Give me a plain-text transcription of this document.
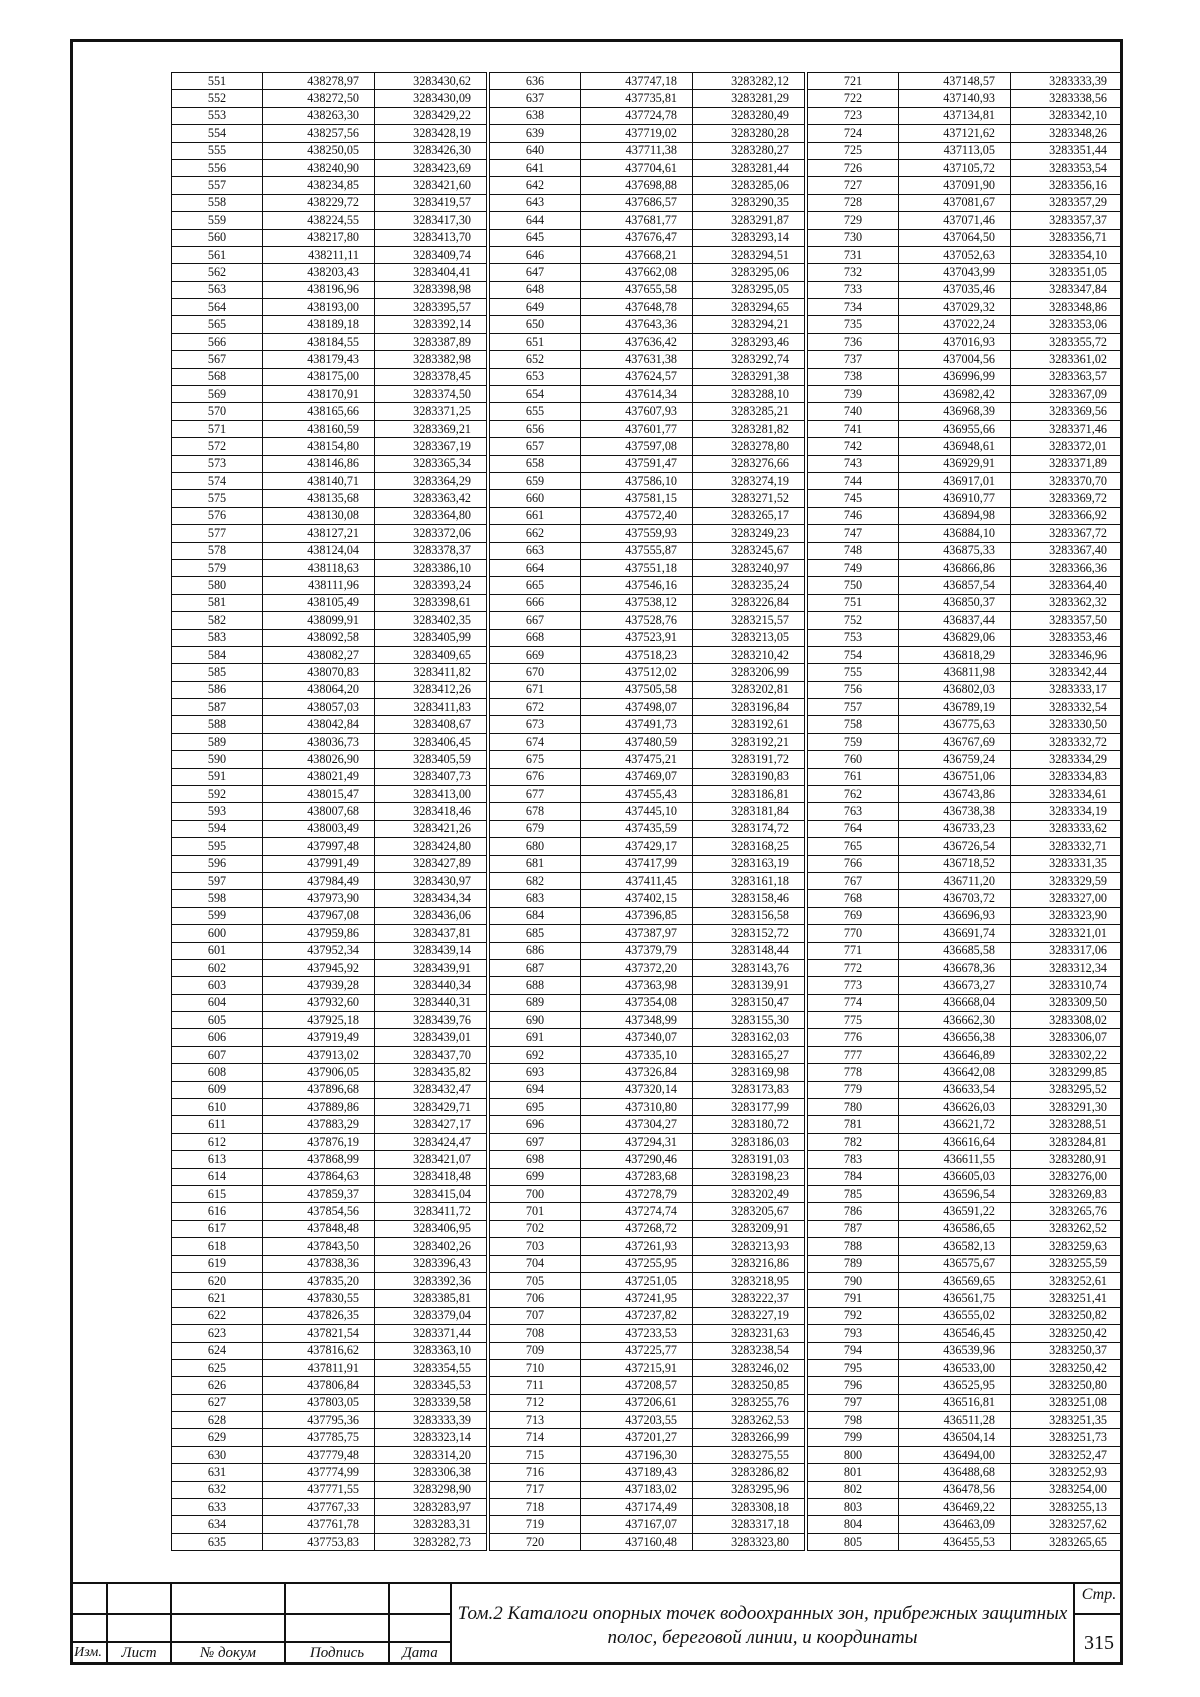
551	438278,97	3283430,62
552	438272,50	3283430,09
553	438263,30	3283429,22
554	438257,56	3283428,19
555	438250,05	3283426,30
556	438240,90	3283423,69
557	438234,85	3283421,60
558	438229,72	3283419,57
559	438224,55	3283417,30
560	438217,80	3283413,70
561	438211,11	3283409,74
562	438203,43	3283404,41
563	438196,96	3283398,98
564	438193,00	3283395,57
565	438189,18	3283392,14
566	438184,55	3283387,89
567	438179,43	3283382,98
568	438175,00	3283378,45
569	438170,91	3283374,50
570	438165,66	3283371,25
571	438160,59	3283369,21
572	438154,80	3283367,19
573	438146,86	3283365,34
574	438140,71	3283364,29
575	438135,68	3283363,42
576	438130,08	3283364,80
577	438127,21	3283372,06
578	438124,04	3283378,37
579	438118,63	3283386,10
580	438111,96	3283393,24
581	438105,49	3283398,61
582	438099,91	3283402,35
583	438092,58	3283405,99
584	438082,27	3283409,65
585	438070,83	3283411,82
586	438064,20	3283412,26
587	438057,03	3283411,83
588	438042,84	3283408,67
589	438036,73	3283406,45
590	438026,90	3283405,59
591	438021,49	3283407,73
592	438015,47	3283413,00
593	438007,68	3283418,46
594	438003,49	3283421,26
595	437997,48	3283424,80
596	437991,49	3283427,89
597	437984,49	3283430,97
598	437973,90	3283434,34
599	437967,08	3283436,06
600	437959,86	3283437,81
601	437952,34	3283439,14
602	437945,92	3283439,91
603	437939,28	3283440,34
604	437932,60	3283440,31
605	437925,18	3283439,76
606	437919,49	3283439,01
607	437913,02	3283437,70
608	437906,05	3283435,82
609	437896,68	3283432,47
610	437889,86	3283429,71
611	437883,29	3283427,17
612	437876,19	3283424,47
613	437868,99	3283421,07
614	437864,63	3283418,48
615	437859,37	3283415,04
616	437854,56	3283411,72
617	437848,48	3283406,95
618	437843,50	3283402,26
619	437838,36	3283396,43
620	437835,20	3283392,36
621	437830,55	3283385,81
622	437826,35	3283379,04
623	437821,54	3283371,44
624	437816,62	3283363,10
625	437811,91	3283354,55
626	437806,84	3283345,53
627	437803,05	3283339,58
628	437795,36	3283333,39
629	437785,75	3283323,14
630	437779,48	3283314,20
631	437774,99	3283306,38
632	437771,55	3283298,90
633	437767,33	3283283,97
634	437761,78	3283283,31
635	437753,83	3283282,73
636	437747,18	3283282,12
637	437735,81	3283281,29
638	437724,78	3283280,49
639	437719,02	3283280,28
640	437711,38	3283280,27
641	437704,61	3283281,44
642	437698,88	3283285,06
643	437686,57	3283290,35
644	437681,77	3283291,87
645	437676,47	3283293,14
646	437668,21	3283294,51
647	437662,08	3283295,06
648	437655,58	3283295,05
649	437648,78	3283294,65
650	437643,36	3283294,21
651	437636,42	3283293,46
652	437631,38	3283292,74
653	437624,57	3283291,38
654	437614,34	3283288,10
655	437607,93	3283285,21
656	437601,77	3283281,82
657	437597,08	3283278,80
658	437591,47	3283276,66
659	437586,10	3283274,19
660	437581,15	3283271,52
661	437572,40	3283265,17
662	437559,93	3283249,23
663	437555,87	3283245,67
664	437551,18	3283240,97
665	437546,16	3283235,24
666	437538,12	3283226,84
667	437528,76	3283215,57
668	437523,91	3283213,05
669	437518,23	3283210,42
670	437512,02	3283206,99
671	437505,58	3283202,81
672	437498,07	3283196,84
673	437491,73	3283192,61
674	437480,59	3283192,21
675	437475,21	3283191,72
676	437469,07	3283190,83
677	437455,43	3283186,81
678	437445,10	3283181,84
679	437435,59	3283174,72
680	437429,17	3283168,25
681	437417,99	3283163,19
682	437411,45	3283161,18
683	437402,15	3283158,46
684	437396,85	3283156,58
685	437387,97	3283152,72
686	437379,79	3283148,44
687	437372,20	3283143,76
688	437363,98	3283139,91
689	437354,08	3283150,47
690	437348,99	3283155,30
691	437340,07	3283162,03
692	437335,10	3283165,27
693	437326,84	3283169,98
694	437320,14	3283173,83
695	437310,80	3283177,99
696	437304,27	3283180,72
697	437294,31	3283186,03
698	437290,46	3283191,03
699	437283,68	3283198,23
700	437278,79	3283202,49
701	437274,74	3283205,67
702	437268,72	3283209,91
703	437261,93	3283213,93
704	437255,95	3283216,86
705	437251,05	3283218,95
706	437241,95	3283222,37
707	437237,82	3283227,19
708	437233,53	3283231,63
709	437225,77	3283238,54
710	437215,91	3283246,02
711	437208,57	3283250,85
712	437206,61	3283255,76
713	437203,55	3283262,53
714	437201,27	3283266,99
715	437196,30	3283275,55
716	437189,43	3283286,82
717	437183,02	3283295,96
718	437174,49	3283308,18
719	437167,07	3283317,18
720	437160,48	3283323,80
721	437148,57	3283333,39
722	437140,93	3283338,56
723	437134,81	3283342,10
724	437121,62	3283348,26
725	437113,05	3283351,44
726	437105,72	3283353,54
727	437091,90	3283356,16
728	437081,67	3283357,29
729	437071,46	3283357,37
730	437064,50	3283356,71
731	437052,63	3283354,10
732	437043,99	3283351,05
733	437035,46	3283347,84
734	437029,32	3283348,86
735	437022,24	3283353,06
736	437016,93	3283355,72
737	437004,56	3283361,02
738	436996,99	3283363,57
739	436982,42	3283367,09
740	436968,39	3283369,56
741	436955,66	3283371,46
742	436948,61	3283372,01
743	436929,91	3283371,89
744	436917,01	3283370,70
745	436910,77	3283369,72
746	436894,98	3283366,92
747	436884,10	3283367,72
748	436875,33	3283367,40
749	436866,86	3283366,36
750	436857,54	3283364,40
751	436850,37	3283362,32
752	436837,44	3283357,50
753	436829,06	3283353,46
754	436818,29	3283346,96
755	436811,98	3283342,44
756	436802,03	3283333,17
757	436789,19	3283332,54
758	436775,63	3283330,50
759	436767,69	3283332,72
760	436759,24	3283334,29
761	436751,06	3283334,83
762	436743,86	3283334,61
763	436738,38	3283334,19
764	436733,23	3283333,62
765	436726,54	3283332,71
766	436718,52	3283331,35
767	436711,20	3283329,59
768	436703,72	3283327,00
769	436696,93	3283323,90
770	436691,74	3283321,01
771	436685,58	3283317,06
772	436678,36	3283312,34
773	436673,27	3283310,74
774	436668,04	3283309,50
775	436662,30	3283308,02
776	436656,38	3283306,07
777	436646,89	3283302,22
778	436642,08	3283299,85
779	436633,54	3283295,52
780	436626,03	3283291,30
781	436621,72	3283288,51
782	436616,64	3283284,81
783	436611,55	3283280,91
784	436605,03	3283276,00
785	436596,54	3283269,83
786	436591,22	3283265,76
787	436586,65	3283262,52
788	436582,13	3283259,63
789	436575,67	3283255,59
790	436569,65	3283252,61
791	436561,75	3283251,41
792	436555,02	3283250,82
793	436546,45	3283250,42
794	436539,96	3283250,37
795	436533,00	3283250,42
796	436525,95	3283250,80
797	436516,81	3283251,08
798	436511,28	3283251,35
799	436504,14	3283251,73
800	436494,00	3283252,47
801	436488,68	3283252,93
802	436478,56	3283254,00
803	436469,22	3283255,13
804	436463,09	3283257,62
805	436455,53	3283265,65
Изм.	Лист	№ докум	Подпись	Дата
Том.2 Каталоги опорных точек водоохранных зон, прибрежных защитных полос, береговой линии, и координаты
Стр.
315
